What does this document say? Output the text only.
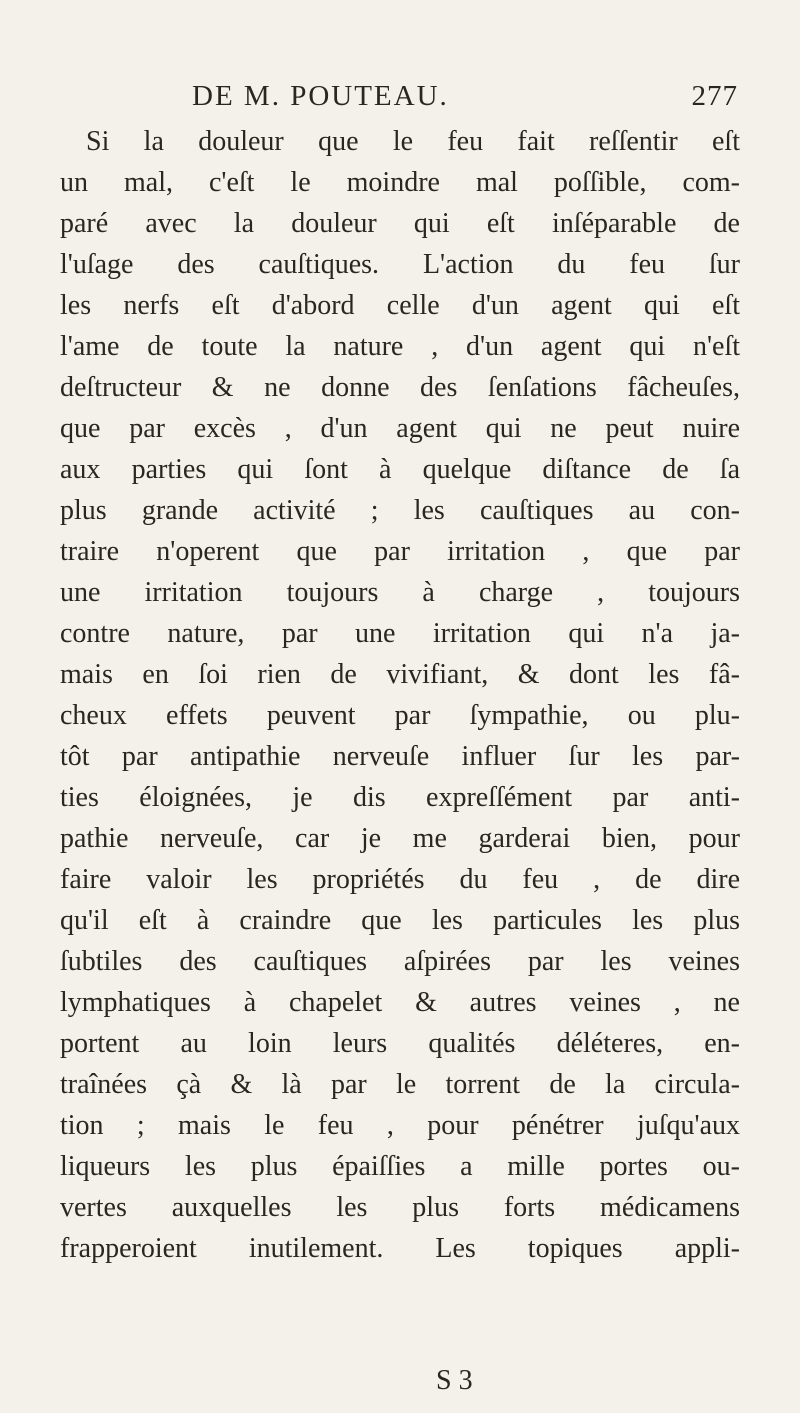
DE M. POUTEAU.	277
Si la douleur que le feu fait reſſentir eſt
un mal, c'eſt le moindre mal poſſible, com-
paré avec la douleur qui eſt inſéparable de
l'uſage des cauſtiques. L'action du feu ſur
les nerfs eſt d'abord celle d'un agent qui eſt
l'ame de toute la nature , d'un agent qui n'eſt
deſtructeur & ne donne des ſenſations fâcheuſes,
que par excès , d'un agent qui ne peut nuire
aux parties qui ſont à quelque diſtance de ſa
plus grande activité ; les cauſtiques au con-
traire n'operent que par irritation , que par
une irritation toujours à charge , toujours
contre nature, par une irritation qui n'a ja-
mais en ſoi rien de vivifiant, & dont les fâ-
cheux effets peuvent par ſympathie, ou plu-
tôt par antipathie nerveuſe influer ſur les par-
ties éloignées, je dis expreſſément par anti-
pathie nerveuſe, car je me garderai bien, pour
faire valoir les propriétés du feu , de dire
qu'il eſt à craindre que les particules les plus
ſubtiles des cauſtiques aſpirées par les veines
lymphatiques à chapelet & autres veines , ne
portent au loin leurs qualités déléteres, en-
traînées çà & là par le torrent de la circula-
tion ; mais le feu , pour pénétrer juſqu'aux
liqueurs les plus épaiſſies a mille portes ou-
vertes auxquelles les plus forts médicamens
frapperoient inutilement. Les topiques appli-
S 3
